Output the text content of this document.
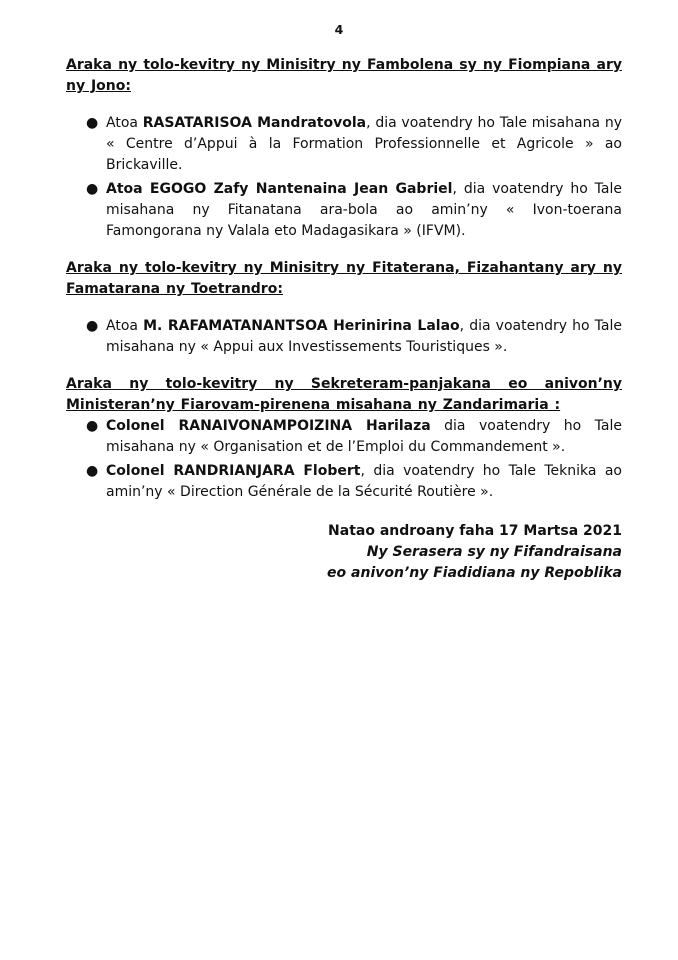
4
Araka ny tolo-kevitry ny Minisitry ny Fambolena sy ny Fiompiana ary ny Jono:
● Atoa RASATARISOA Mandratovola, dia voatendry ho Tale misahana ny « Centre d’Appui à la Formation Professionnelle et Agricole » ao Brickaville.
● Atoa EGOGO Zafy Nantenaina Jean Gabriel, dia voatendry ho Tale misahana ny Fitanatana ara-bola ao amin’ny « Ivon-toerana Famongorana ny Valala eto Madagasikara » (IFVM).
Araka ny tolo-kevitry ny Minisitry ny Fitaterana, Fizahantany ary ny Famatarana ny Toetrandro:
● Atoa M. RAFAMATANANTSOA Herinirina Lalao, dia voatendry ho Tale misahana ny « Appui aux Investissements Touristiques ».
Araka ny tolo-kevitry ny Sekreteram-panjakana eo anivon’ny Ministeran’ny Fiarovam-pirenena misahana ny Zandarimaria :
● Colonel RANAIVONAMPOIZINA Harilaza dia voatendry ho Tale misahana ny « Organisation et de l’Emploi du Commandement ».
● Colonel RANDRIANJARA Flobert, dia voatendry ho Tale Teknika ao amin’ny « Direction Générale de la Sécurité Routière ».
Natao androany faha 17 Martsa 2021
Ny Serasera sy ny Fifandraisana
eo anivon’ny Fiadidiana ny Repoblika
